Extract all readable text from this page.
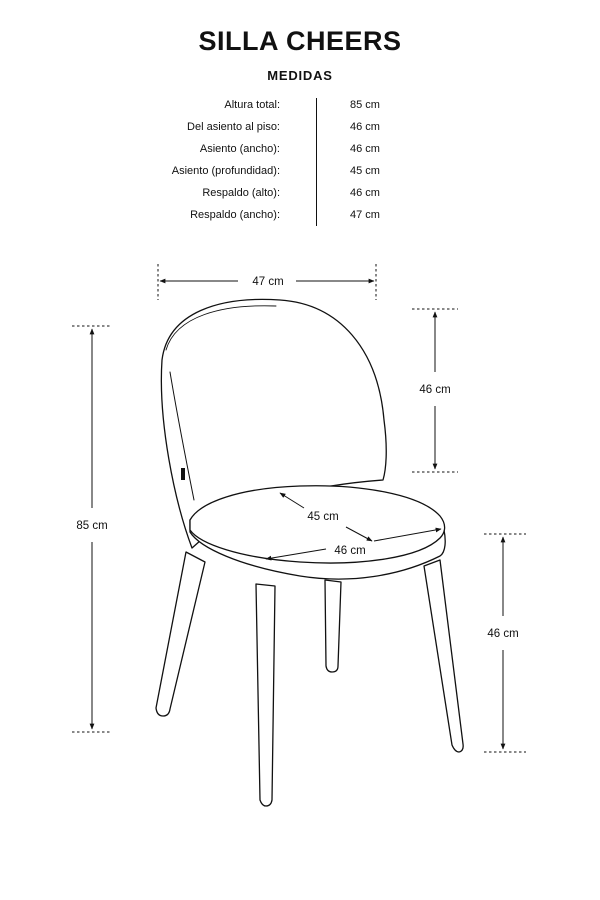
SILLA CHEERS
MEDIDAS
Altura total:	85 cm
Del asiento al piso:	46 cm
Asiento (ancho):	46 cm
Asiento (profundidad):	45 cm
Respaldo (alto):	46 cm
Respaldo (ancho):	47 cm
47 cm
46 cm
85 cm
45 cm
46 cm
46 cm
